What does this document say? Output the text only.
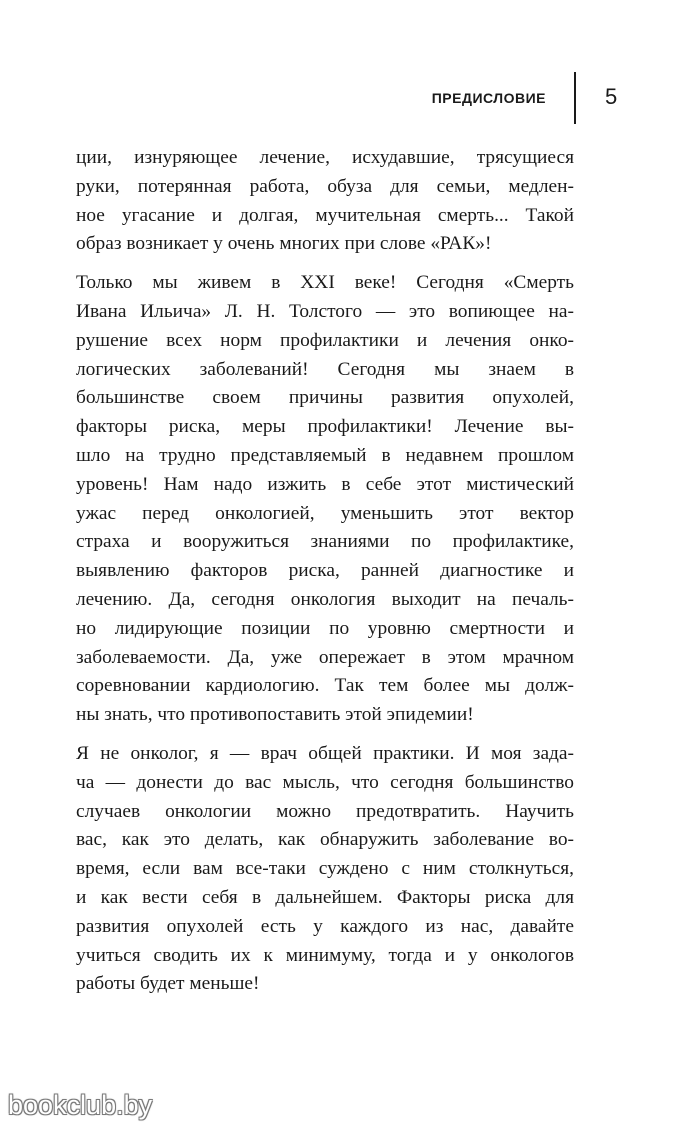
ПРЕДИСЛОВИЕ	5

ции, изнуряющее лечение, исхудавшие, трясущиеся
руки, потерянная работа, обуза для семьи, медлен-
ное угасание и долгая, мучительная смерть... Такой
образ возникает у очень многих при слове «РАК»!

Только мы живем в XXI веке! Сегодня «Смерть
Ивана Ильича» Л. Н. Толстого — это вопиющее на-
рушение всех норм профилактики и лечения онко-
логических заболеваний! Сегодня мы знаем в
большинстве своем причины развития опухолей,
факторы риска, меры профилактики! Лечение вы-
шло на трудно представляемый в недавнем прошлом
уровень! Нам надо изжить в себе этот мистический
ужас перед онкологией, уменьшить этот вектор
страха и вооружиться знаниями по профилактике,
выявлению факторов риска, ранней диагностике и
лечению. Да, сегодня онкология выходит на печаль-
но лидирующие позиции по уровню смертности и
заболеваемости. Да, уже опережает в этом мрачном
соревновании кардиологию. Так тем более мы долж-
ны знать, что противопоставить этой эпидемии!

Я не онколог, я — врач общей практики. И моя зада-
ча — донести до вас мысль, что сегодня большинство
случаев онкологии можно предотвратить. Научить
вас, как это делать, как обнаружить заболевание во-
время, если вам все-таки суждено с ним столкнуться,
и как вести себя в дальнейшем. Факторы риска для
развития опухолей есть у каждого из нас, давайте
учиться сводить их к минимуму, тогда и у онкологов
работы будет меньше!

bookclub.by
